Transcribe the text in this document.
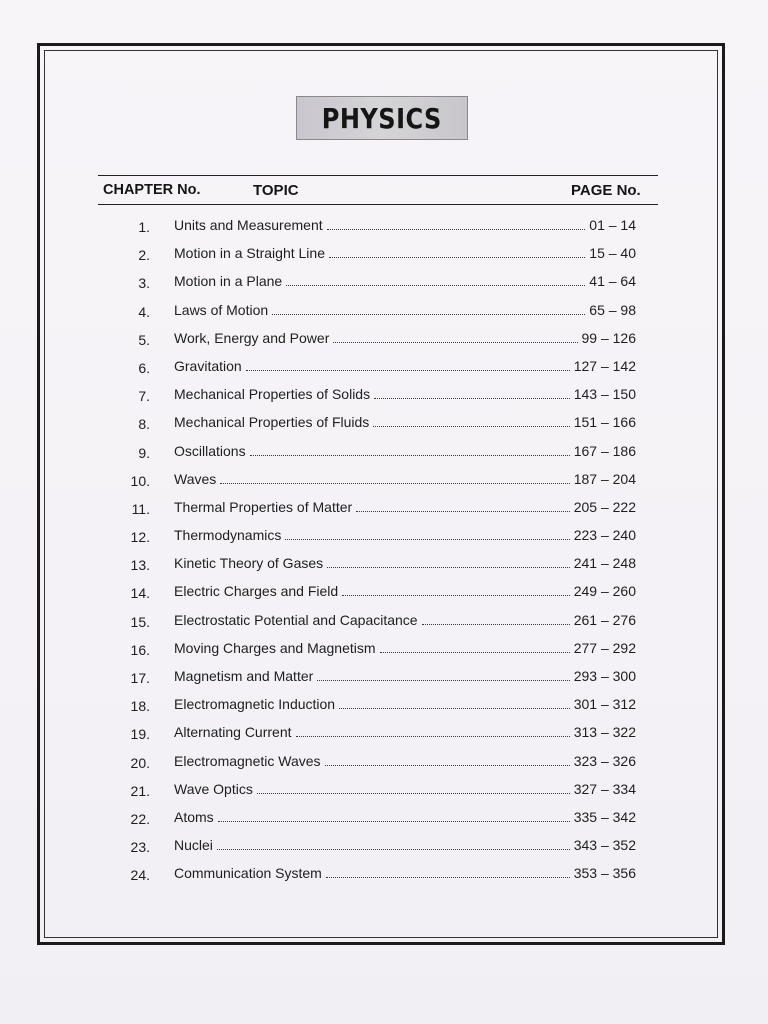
PHYSICS
CHAPTER No.	TOPIC	PAGE No.
1. Units and Measurement	01 – 14
2. Motion in a Straight Line	15 – 40
3. Motion in a Plane	41 – 64
4. Laws of Motion	65 – 98
5. Work, Energy and Power	99 – 126
6. Gravitation	127 – 142
7. Mechanical Properties of Solids	143 – 150
8. Mechanical Properties of Fluids	151 – 166
9. Oscillations	167 – 186
10. Waves	187 – 204
11. Thermal Properties of Matter	205 – 222
12. Thermodynamics	223 – 240
13. Kinetic Theory of Gases	241 – 248
14. Electric Charges and Field	249 – 260
15. Electrostatic Potential and Capacitance	261 – 276
16. Moving Charges and Magnetism	277 – 292
17. Magnetism and Matter	293 – 300
18. Electromagnetic Induction	301 – 312
19. Alternating Current	313 – 322
20. Electromagnetic Waves	323 – 326
21. Wave Optics	327 – 334
22. Atoms	335 – 342
23. Nuclei	343 – 352
24. Communication System	353 – 356
